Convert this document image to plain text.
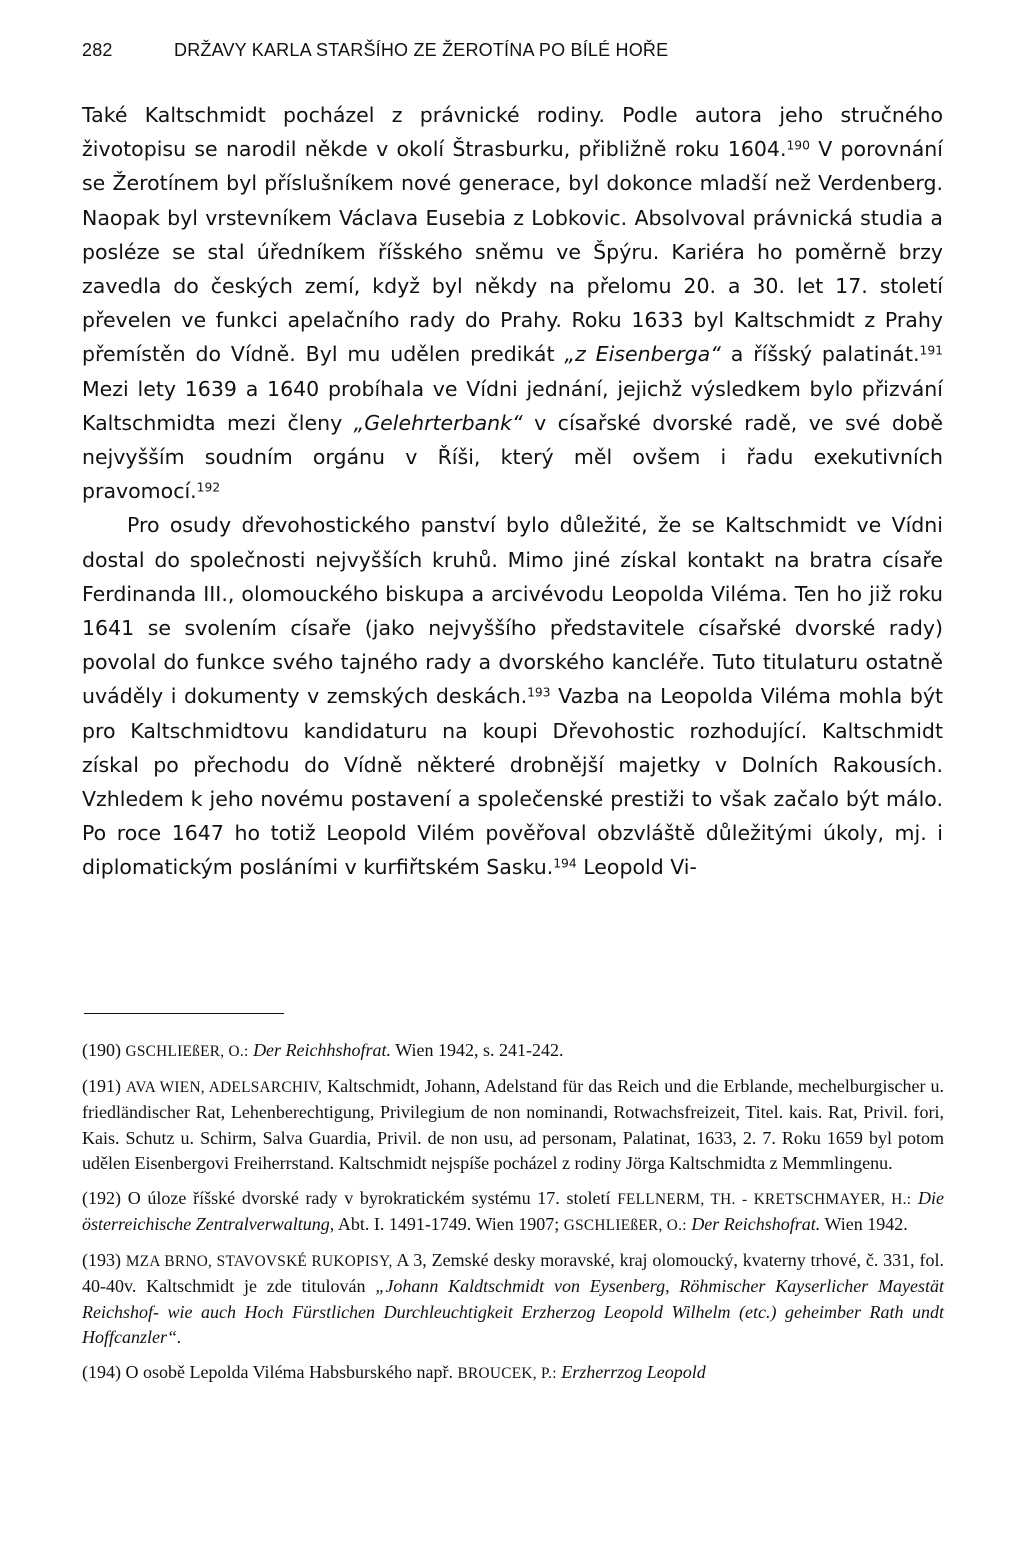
282	DRŽAVY KARLA STARŠÍHO ZE ŽEROTÍNA PO BÍLÉ HOŘE

Také Kaltschmidt pocházel z právnické rodiny. Podle autora jeho stručného životopisu se narodil někde v okolí Štrasburku, přibližně roku 1604.$^{190}$ V porovnání se Žerotínem byl příslušníkem nové generace, byl dokonce mladší než Verdenberg. Naopak byl vrstevníkem Václava Eusebia z Lobkovic. Absolvoval právnická studia a posléze se stal úředníkem říšského sněmu ve Špýru. Kariéra ho poměrně brzy zavedla do českých zemí, když byl někdy na přelomu 20. a 30. let 17. století převelen ve funkci apelačního rady do Prahy. Roku 1633 byl Kaltschmidt z Prahy přemístěn do Vídně. Byl mu udělen predikát „z Eisenberga“ a říšský palatinát.$^{191}$ Mezi lety 1639 a 1640 probíhala ve Vídni jednání, jejichž výsledkem bylo přizvání Kaltschmidta mezi členy „Gelehrterbank“ v císařské dvorské radě, ve své době nejvyšším soudním orgánu v Říši, který měl ovšem i řadu exekutivních pravomocí.$^{192}$

Pro osudy dřevohostického panství bylo důležité, že se Kaltschmidt ve Vídni dostal do společnosti nejvyšších kruhů. Mimo jiné získal kontakt na bratra císaře Ferdinanda III., olomouckého biskupa a arcivévodu Leopolda Viléma. Ten ho již roku 1641 se svolením císaře (jako nejvyššího představitele císařské dvorské rady) povolal do funkce svého tajného rady a dvorského kancléře. Tuto titulaturu ostatně uváděly i dokumenty v zemských deskách.$^{193}$ Vazba na Leopolda Viléma mohla být pro Kaltschmidtovu kandidaturu na koupi Dřevohostic rozhodující. Kaltschmidt získal po přechodu do Vídně některé drobnější majetky v Dolních Rakousích. Vzhledem k jeho novému postavení a společenské prestiži to však začalo být málo. Po roce 1647 ho totiž Leopold Vilém pověřoval obzvláště důležitými úkoly, mj. i diplomatickým posláními v kurfiřtském Sasku.$^{194}$ Leopold Vi-

(190) GSCHLIEßER, O.: Der Reichhshofrat. Wien 1942, s. 241-242.

(191) AVA WIEN, ADELSARCHIV, Kaltschmidt, Johann, Adelstand für das Reich und die Erblande, mechelburgischer u. friedländischer Rat, Lehenberechtigung, Privilegium de non nominandi, Rotwachsfreizeit, Titel. kais. Rat, Privil. fori, Kais. Schutz u. Schirm, Salva Guardia, Privil. de non usu, ad personam, Palatinat, 1633, 2. 7. Roku 1659 byl potom udělen Eisenbergovi Freiherrstand. Kaltschmidt nejspíše pocházel z rodiny Jörga Kaltschmidta z Memmlingenu.

(192) O úloze říšské dvorské rady v byrokratickém systému 17. století FELLNERM, TH. - KRETSCHMAYER, H.: Die österreichische Zentralverwaltung, Abt. I. 1491-1749. Wien 1907; GSCHLIEßER, O.: Der Reichshofrat. Wien 1942.

(193) MZA BRNO, STAVOVSKÉ RUKOPISY, A 3, Zemské desky moravské, kraj olomoucký, kvaterny trhové, č. 331, fol. 40-40v. Kaltschmidt je zde titulován „Johann Kaldtschmidt von Eysenberg, Röhmischer Kayserlicher Mayestät Reichshof- wie auch Hoch Fürstlichen Durchleuchtigkeit Erzherzog Leopold Wilhelm (etc.) geheimber Rath undt Hoffcanzler“.

(194) O osobě Lepolda Viléma Habsburského např. BROUCEK, P.: Erzherrzog Leopold
